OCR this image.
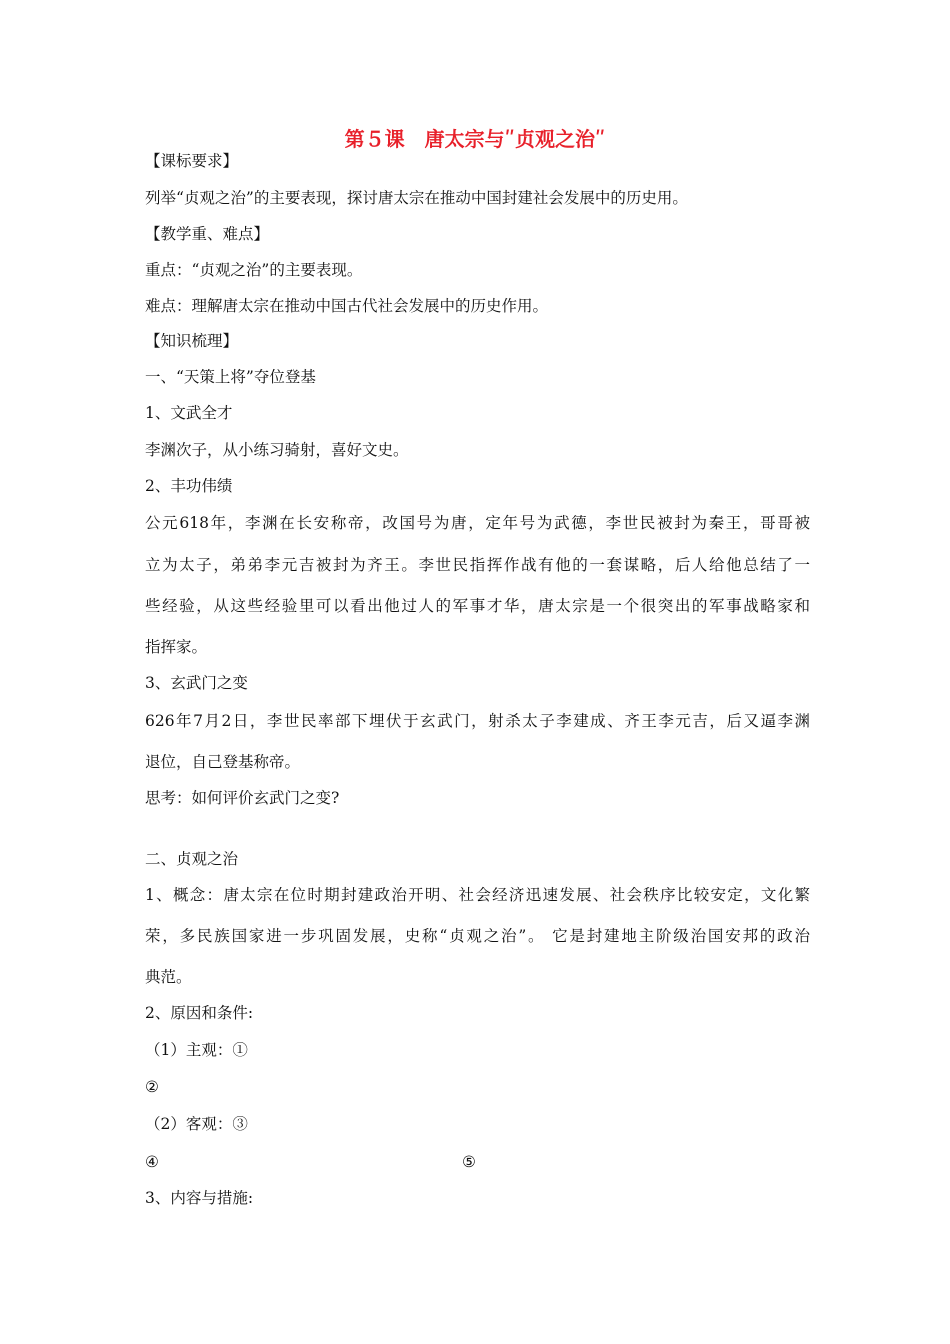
第５课　唐太宗与ʺ贞观之治ʺ

【课标要求】

列举“贞观之治”的主要表现，探讨唐太宗在推动中国封建社会发展中的历史用。

【教学重、难点】

重点：“贞观之治”的主要表现。

难点：理解唐太宗在推动中国古代社会发展中的历史作用。

【知识梳理】

一、“天策上将”夺位登基

1、文武全才

李渊次子，从小练习骑射，喜好文史。

2、丰功伟绩

公元618年，李渊在长安称帝，改国号为唐，定年号为武德，李世民被封为秦王，哥哥被

立为太子，弟弟李元吉被封为齐王。李世民指挥作战有他的一套谋略，后人给他总结了一

些经验，从这些经验里可以看出他过人的军事才华，唐太宗是一个很突出的军事战略家和

指挥家。

3、玄武门之变

626年7月2日，李世民率部下埋伏于玄武门，射杀太子李建成、齐王李元吉，后又逼李渊

退位，自己登基称帝。

思考：如何评价玄武门之变?

二、贞观之治

1、概念：唐太宗在位时期封建政治开明、社会经济迅速发展、社会秩序比较安定，文化繁

荣，多民族国家进一步巩固发展，史称“贞观之治”。 它是封建地主阶级治国安邦的政治

典范。

2、原因和条件:

（1）主观：①

②

（2）客观：③

④	⑤

3、内容与措施:
